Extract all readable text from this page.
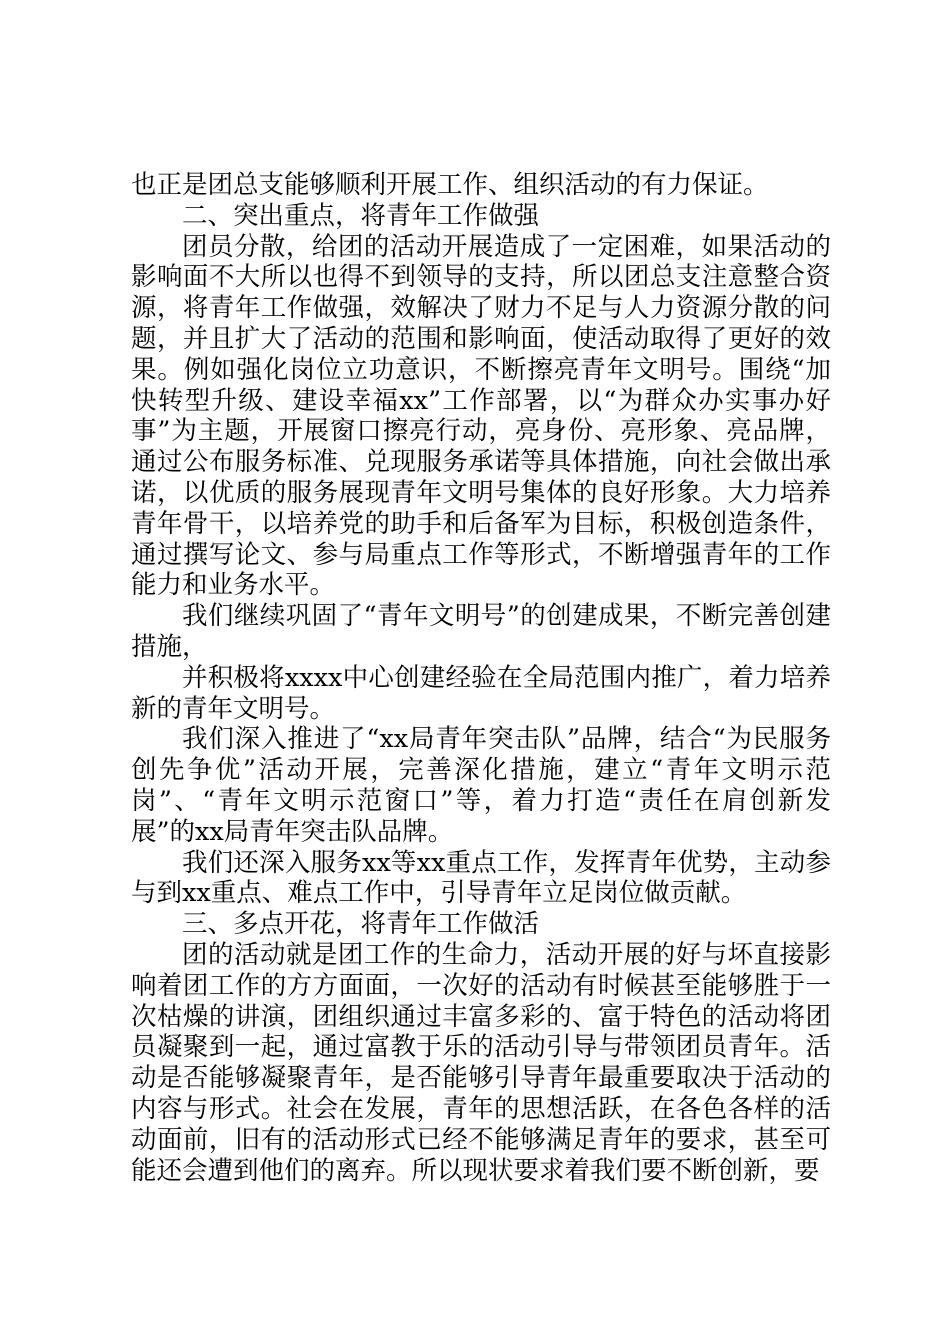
也正是团总支能够顺利开展工作、组织活动的有力保证。

二、突出重点，将青年工作做强

团员分散，给团的活动开展造成了一定困难，如果活动的影响面不大所以也得不到领导的支持，所以团总支注意整合资源，将青年工作做强，效解决了财力不足与人力资源分散的问题，并且扩大了活动的范围和影响面，使活动取得了更好的效果。例如强化岗位立功意识，不断擦亮青年文明号。围绕“加快转型升级、建设幸福xx”工作部署，以“为群众办实事办好事”为主题，开展窗口擦亮行动，亮身份、亮形象、亮品牌，通过公布服务标准、兑现服务承诺等具体措施，向社会做出承诺，以优质的服务展现青年文明号集体的良好形象。大力培养青年骨干，以培养党的助手和后备军为目标，积极创造条件，通过撰写论文、参与局重点工作等形式，不断增强青年的工作能力和业务水平。

我们继续巩固了“青年文明号”的创建成果，不断完善创建措施，

并积极将xxxx中心创建经验在全局范围内推广，着力培养新的青年文明号。

我们深入推进了“xx局青年突击队”品牌，结合“为民服务创先争优”活动开展，完善深化措施，建立“青年文明示范岗”、“青年文明示范窗口”等，着力打造“责任在肩创新发展”的xx局青年突击队品牌。

我们还深入服务xx等xx重点工作，发挥青年优势，主动参与到xx重点、难点工作中，引导青年立足岗位做贡献。

三、多点开花，将青年工作做活

团的活动就是团工作的生命力，活动开展的好与坏直接影响着团工作的方方面面，一次好的活动有时候甚至能够胜于一次枯燥的讲演，团组织通过丰富多彩的、富于特色的活动将团员凝聚到一起，通过富教于乐的活动引导与带领团员青年。活动是否能够凝聚青年，是否能够引导青年最重要取决于活动的内容与形式。社会在发展，青年的思想活跃，在各色各样的活动面前，旧有的活动形式已经不能够满足青年的要求，甚至可能还会遭到他们的离弃。所以现状要求着我们要不断创新，要
